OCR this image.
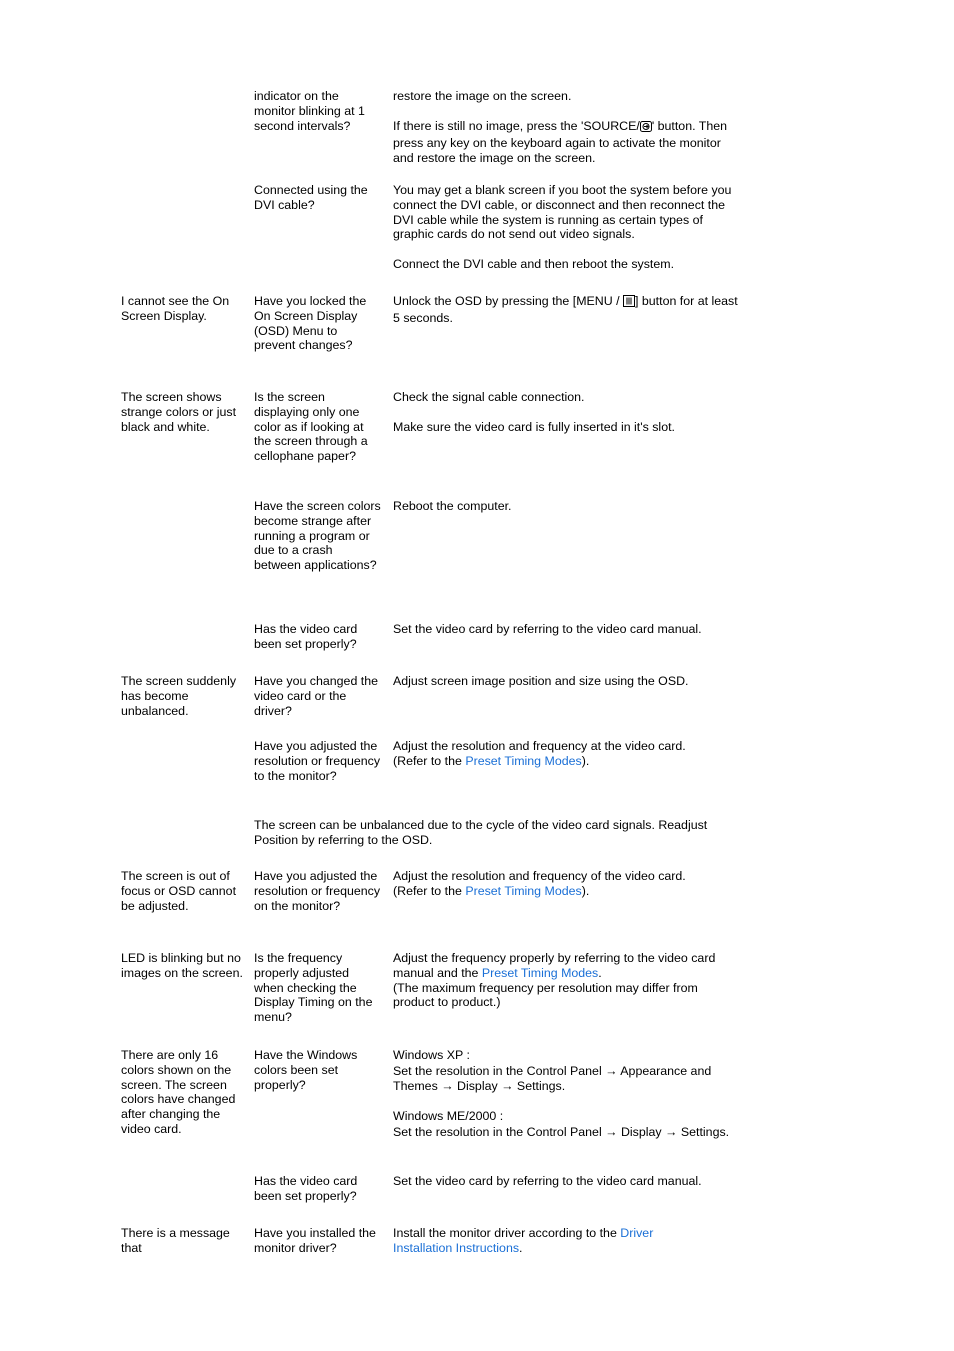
indicator on the monitor blinking at 1 second intervals?

restore the image on the screen.

If there is still no image, press the 'SOURCE/ ' button. Then press any key on the keyboard again to activate the monitor and restore the image on the screen.

Connected using the DVI cable?

You may get a blank screen if you boot the system before you connect the DVI cable, or disconnect and then reconnect the DVI cable while the system is running as certain types of graphic cards do not send out video signals.

Connect the DVI cable and then reboot the system.

I cannot see the On Screen Display.

Have you locked the On Screen Display (OSD) Menu to prevent changes?

Unlock the OSD by pressing the [MENU / ] button for at least 5 seconds.

The screen shows strange colors or just black and white.

Is the screen displaying only one color as if looking at the screen through a cellophane paper?

Check the signal cable connection.

Make sure the video card is fully inserted in it's slot.

Have the screen colors become strange after running a program or due to a crash between applications?

Reboot the computer.

Has the video card been set properly?

Set the video card by referring to the video card manual.

The screen suddenly has become unbalanced.

Have you changed the video card or the driver?

Adjust screen image position and size using the OSD.

Have you adjusted the resolution or frequency to the monitor?

Adjust the resolution and frequency at the video card.
(Refer to the Preset Timing Modes).

The screen can be unbalanced due to the cycle of the video card signals. Readjust Position by referring to the OSD.

The screen is out of focus or OSD cannot be adjusted.

Have you adjusted the resolution or frequency on the monitor?

Adjust the resolution and frequency of the video card.
(Refer to the Preset Timing Modes).

LED is blinking but no images on the screen.

Is the frequency properly adjusted when checking the Display Timing on the menu?

Adjust the frequency properly by referring to the video card manual and the Preset Timing Modes.
(The maximum frequency per resolution may differ from product to product.)

There are only 16 colors shown on the screen. The screen colors have changed after changing the video card.

Have the Windows colors been set properly?

Windows XP :
Set the resolution in the Control Panel → Appearance and Themes → Display → Settings.

Windows ME/2000 :
Set the resolution in the Control Panel → Display → Settings.

Has the video card been set properly?

Set the video card by referring to the video card manual.

There is a message that

Have you installed the monitor driver?

Install the monitor driver according to the Driver Installation Instructions.
